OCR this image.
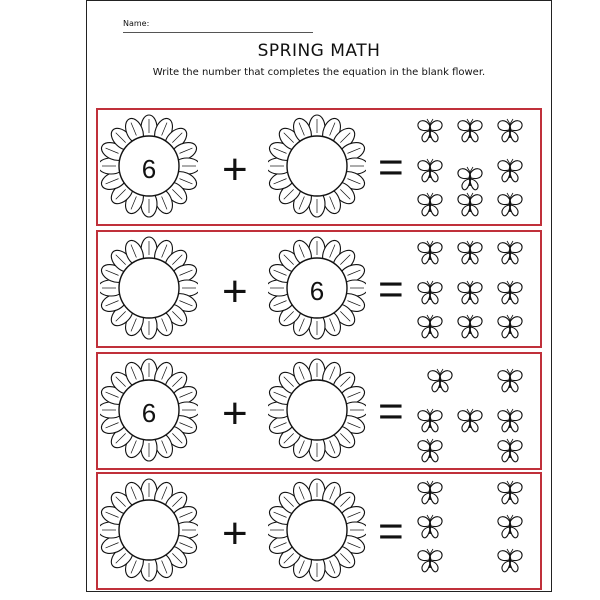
Name:
SPRING MATH
Write the number that completes the equation in the blank flower.
6	+	=
+	6	=
6	+	=
+	=
